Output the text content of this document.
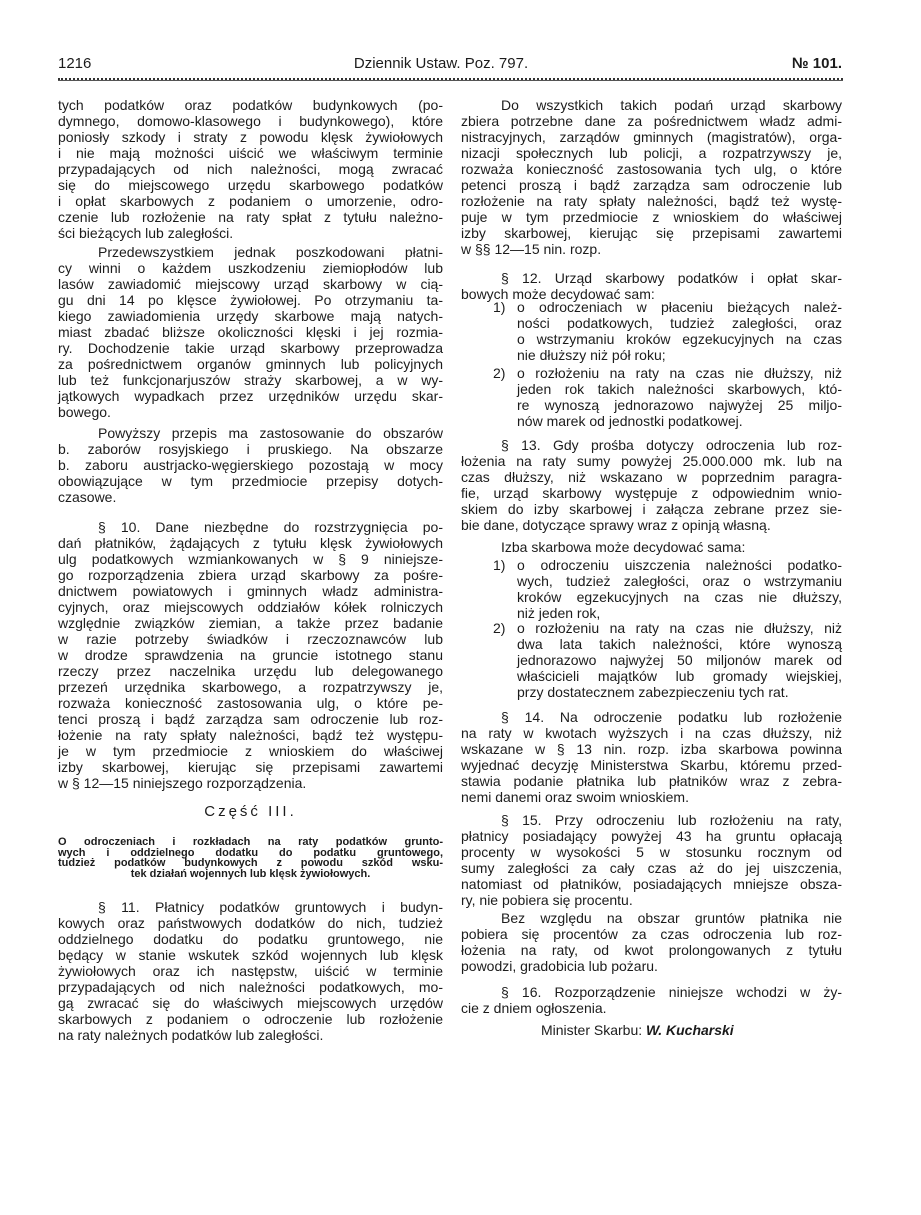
1216	Dziennik Ustaw. Poz. 797.	№ 101.
tych podatków oraz podatków budynkowych (po-
dymnego, domowo-klasowego i budynkowego), które
poniosły szkody i straty z powodu klęsk żywiołowych
i nie mają możności uiścić we właściwym terminie
przypadających od nich należności, mogą zwracać
się do miejscowego urzędu skarbowego podatków
i opłat skarbowych z podaniem o umorzenie, odro-
czenie lub rozłożenie na raty spłat z tytułu należno-
ści bieżących lub zaległości.
Przedewszystkiem jednak poszkodowani płatni-
cy winni o każdem uszkodzeniu ziemiopłodów lub
lasów zawiadomić miejscowy urząd skarbowy w cią-
gu dni 14 po klęsce żywiołowej. Po otrzymaniu ta-
kiego zawiadomienia urzędy skarbowe mają natych-
miast zbadać bliższe okoliczności klęski i jej rozmia-
ry. Dochodzenie takie urząd skarbowy przeprowadza
za pośrednictwem organów gminnych lub policyjnych
lub też funkcjonarjuszów straży skarbowej, a w wy-
jątkowych wypadkach przez urzędników urzędu skar-
bowego.
Powyższy przepis ma zastosowanie do obszarów
b. zaborów rosyjskiego i pruskiego. Na obszarze
b. zaboru austrjacko-węgierskiego pozostają w mocy
obowiązujące w tym przedmiocie przepisy dotych-
czasowe.
§ 10. Dane niezbędne do rozstrzygnięcia po-
dań płatników, żądających z tytułu klęsk żywiołowych
ulg podatkowych wzmiankowanych w § 9 niniejsze-
go rozporządzenia zbiera urząd skarbowy za pośre-
dnictwem powiatowych i gminnych władz administra-
cyjnych, oraz miejscowych oddziałów kółek rolniczych
względnie związków ziemian, a także przez badanie
w razie potrzeby świadków i rzeczoznawców lub
w drodze sprawdzenia na gruncie istotnego stanu
rzeczy przez naczelnika urzędu lub delegowanego
przezeń urzędnika skarbowego, a rozpatrzywszy je,
rozważa konieczność zastosowania ulg, o które pe-
tenci proszą i bądź zarządza sam odroczenie lub roz-
łożenie na raty spłaty należności, bądź też występu-
je w tym przedmiocie z wnioskiem do właściwej
izby skarbowej, kierując się przepisami zawartemi
w § 12—15 niniejszego rozporządzenia.
Część III.
O odroczeniach i rozkładach na raty podatków grunto-
wych i oddzielnego dodatku do podatku gruntowego,
tudzież podatków budynkowych z powodu szkód wsku-
tek działań wojennych lub klęsk żywiołowych.
§ 11. Płatnicy podatków gruntowych i budyn-
kowych oraz państwowych dodatków do nich, tudzież
oddzielnego dodatku do podatku gruntowego, nie
będący w stanie wskutek szkód wojennych lub klęsk
żywiołowych oraz ich następstw, uiścić w terminie
przypadających od nich należności podatkowych, mo-
gą zwracać się do właściwych miejscowych urzędów
skarbowych z podaniem o odroczenie lub rozłożenie
na raty należnych podatków lub zaległości.
Do wszystkich takich podań urząd skarbowy
zbiera potrzebne dane za pośrednictwem władz admi-
nistracyjnych, zarządów gminnych (magistratów), orga-
nizacji społecznych lub policji, a rozpatrzywszy je,
rozważa konieczność zastosowania tych ulg, o które
petenci proszą i bądź zarządza sam odroczenie lub
rozłożenie na raty spłaty należności, bądź też wystę-
puje w tym przedmiocie z wnioskiem do właściwej
izby skarbowej, kierując się przepisami zawartemi
w §§ 12—15 nin. rozp.
§ 12. Urząd skarbowy podatków i opłat skar-
bowych może decydować sam:
1) o odroczeniach w płaceniu bieżących należ-
ności podatkowych, tudzież zaległości, oraz
o wstrzymaniu kroków egzekucyjnych na czas
nie dłuższy niż pół roku;
2) o rozłożeniu na raty na czas nie dłuższy, niż
jeden rok takich należności skarbowych, któ-
re wynoszą jednorazowo najwyżej 25 miljo-
nów marek od jednostki podatkowej.
§ 13. Gdy prośba dotyczy odroczenia lub roz-
łożenia na raty sumy powyżej 25.000.000 mk. lub na
czas dłuższy, niż wskazano w poprzednim paragra-
fie, urząd skarbowy występuje z odpowiednim wnio-
skiem do izby skarbowej i załącza zebrane przez sie-
bie dane, dotyczące sprawy wraz z opinją własną.
Izba skarbowa może decydować sama:
1) o odroczeniu uiszczenia należności podatko-
wych, tudzież zaległości, oraz o wstrzymaniu
kroków egzekucyjnych na czas nie dłuższy,
niż jeden rok,
2) o rozłożeniu na raty na czas nie dłuższy, niż
dwa lata takich należności, które wynoszą
jednorazowo najwyżej 50 miljonów marek od
właścicieli majątków lub gromady wiejskiej,
przy dostatecznem zabezpieczeniu tych rat.
§ 14. Na odroczenie podatku lub rozłożenie
na raty w kwotach wyższych i na czas dłuższy, niż
wskazane w § 13 nin. rozp. izba skarbowa powinna
wyjednać decyzję Ministerstwa Skarbu, któremu przed-
stawia podanie płatnika lub płatników wraz z zebra-
nemi danemi oraz swoim wnioskiem.
§ 15. Przy odroczeniu lub rozłożeniu na raty,
płatnicy posiadający powyżej 43 ha gruntu opłacają
procenty w wysokości 5 w stosunku rocznym od
sumy zaległości za cały czas aż do jej uiszczenia,
natomiast od płatników, posiadających mniejsze obsza-
ry, nie pobiera się procentu.
Bez względu na obszar gruntów płatnika nie
pobiera się procentów za czas odroczenia lub roz-
łożenia na raty, od kwot prolongowanych z tytułu
powodzi, gradobicia lub pożaru.
§ 16. Rozporządzenie niniejsze wchodzi w ży-
cie z dniem ogłoszenia.
Minister Skarbu: W. Kucharski
